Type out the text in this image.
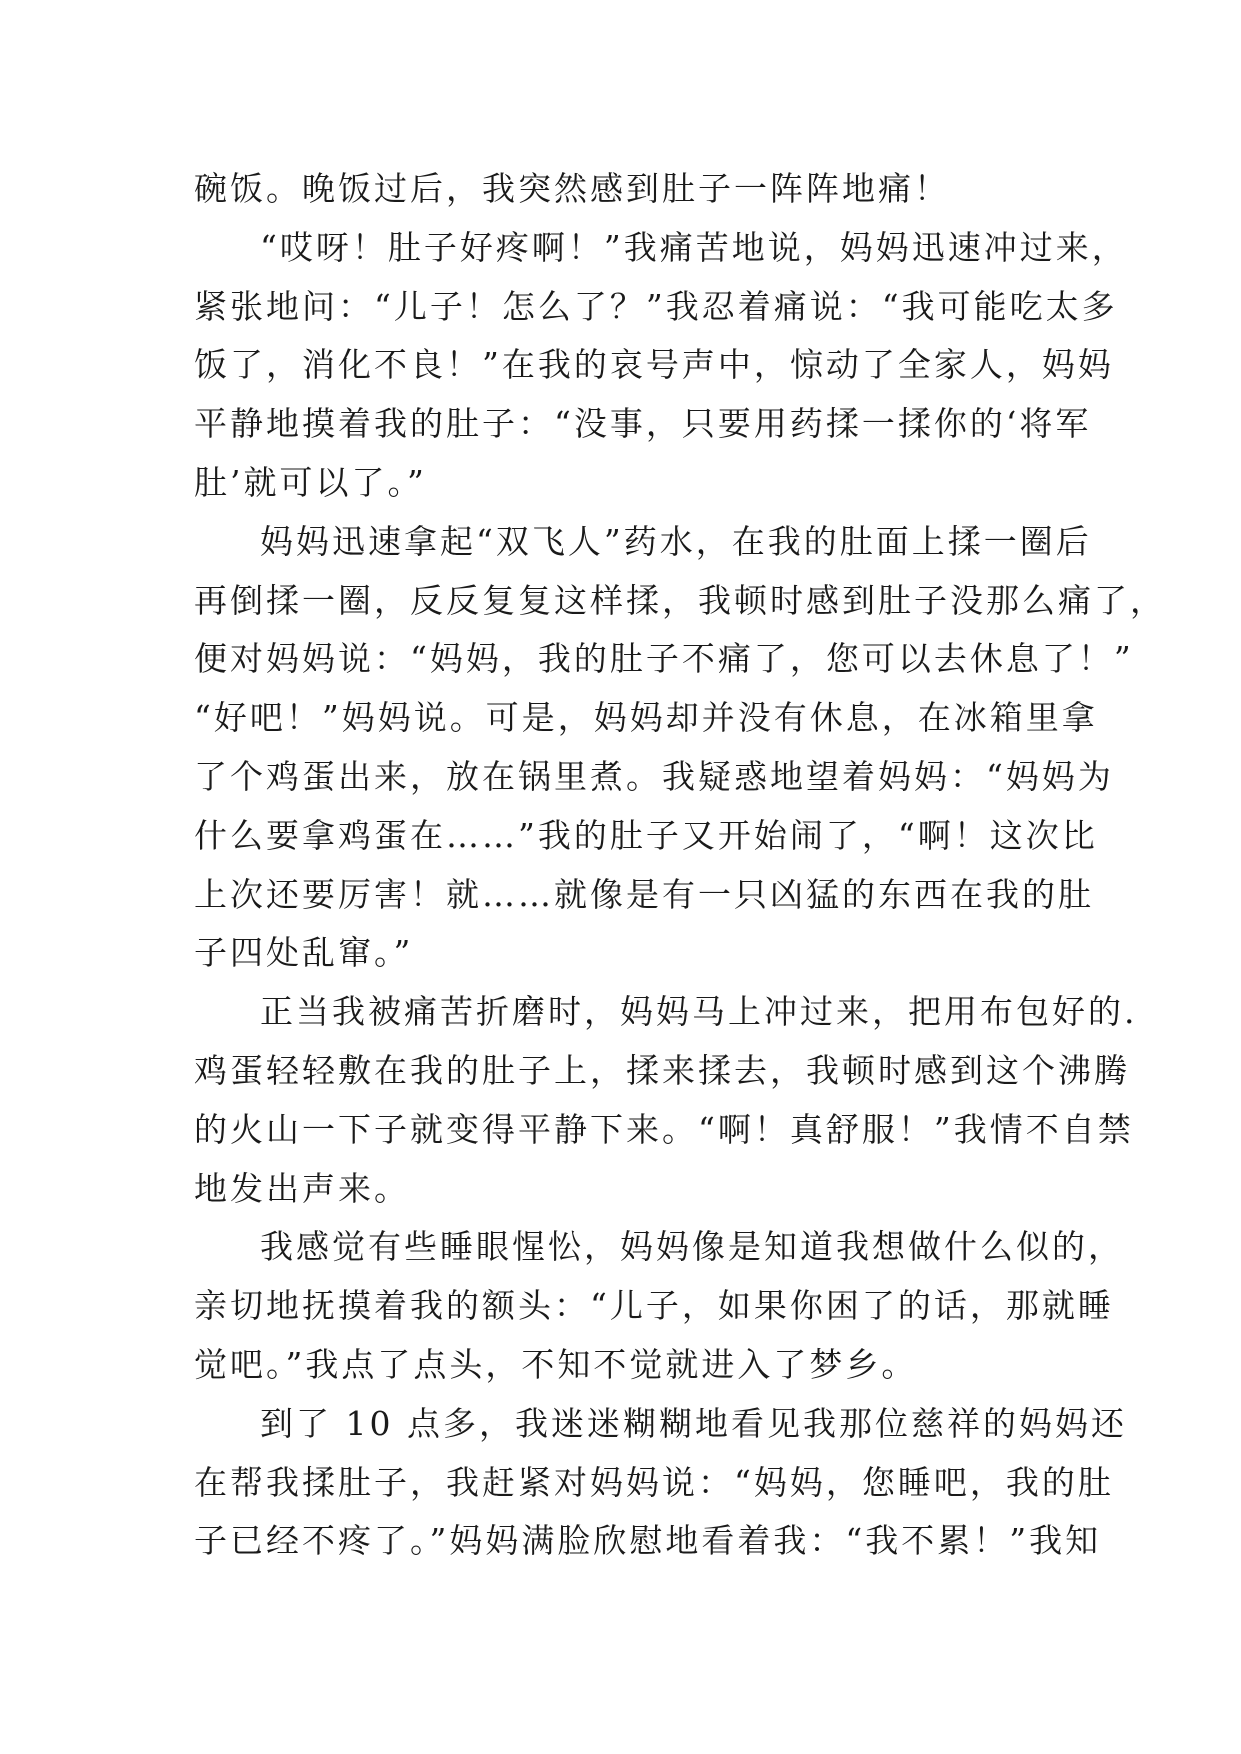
碗饭。晚饭过后，我突然感到肚子一阵阵地痛！
“哎呀！肚子好疼啊！”我痛苦地说，妈妈迅速冲过来，
紧张地问：“儿子！怎么了？”我忍着痛说：“我可能吃太多
饭了，消化不良！”在我的哀号声中，惊动了全家人，妈妈
平静地摸着我的肚子：“没事，只要用药揉一揉你的‘将军
肚’就可以了。”
妈妈迅速拿起“双飞人”药水，在我的肚面上揉一圈后
再倒揉一圈，反反复复这样揉，我顿时感到肚子没那么痛了，
便对妈妈说：“妈妈，我的肚子不痛了，您可以去休息了！”
“好吧！”妈妈说。可是，妈妈却并没有休息，在冰箱里拿
了个鸡蛋出来，放在锅里煮。我疑惑地望着妈妈：“妈妈为
什么要拿鸡蛋在……”我的肚子又开始闹了，“啊！这次比
上次还要厉害！就……就像是有一只凶猛的东西在我的肚
子四处乱窜。”
正当我被痛苦折磨时，妈妈马上冲过来，把用布包好的.
鸡蛋轻轻敷在我的肚子上，揉来揉去，我顿时感到这个沸腾
的火山一下子就变得平静下来。“啊！真舒服！”我情不自禁
地发出声来。
我感觉有些睡眼惺忪，妈妈像是知道我想做什么似的，
亲切地抚摸着我的额头：“儿子，如果你困了的话，那就睡
觉吧。”我点了点头，不知不觉就进入了梦乡。
到了 10 点多，我迷迷糊糊地看见我那位慈祥的妈妈还
在帮我揉肚子，我赶紧对妈妈说：“妈妈，您睡吧，我的肚
子已经不疼了。”妈妈满脸欣慰地看着我：“我不累！”我知
